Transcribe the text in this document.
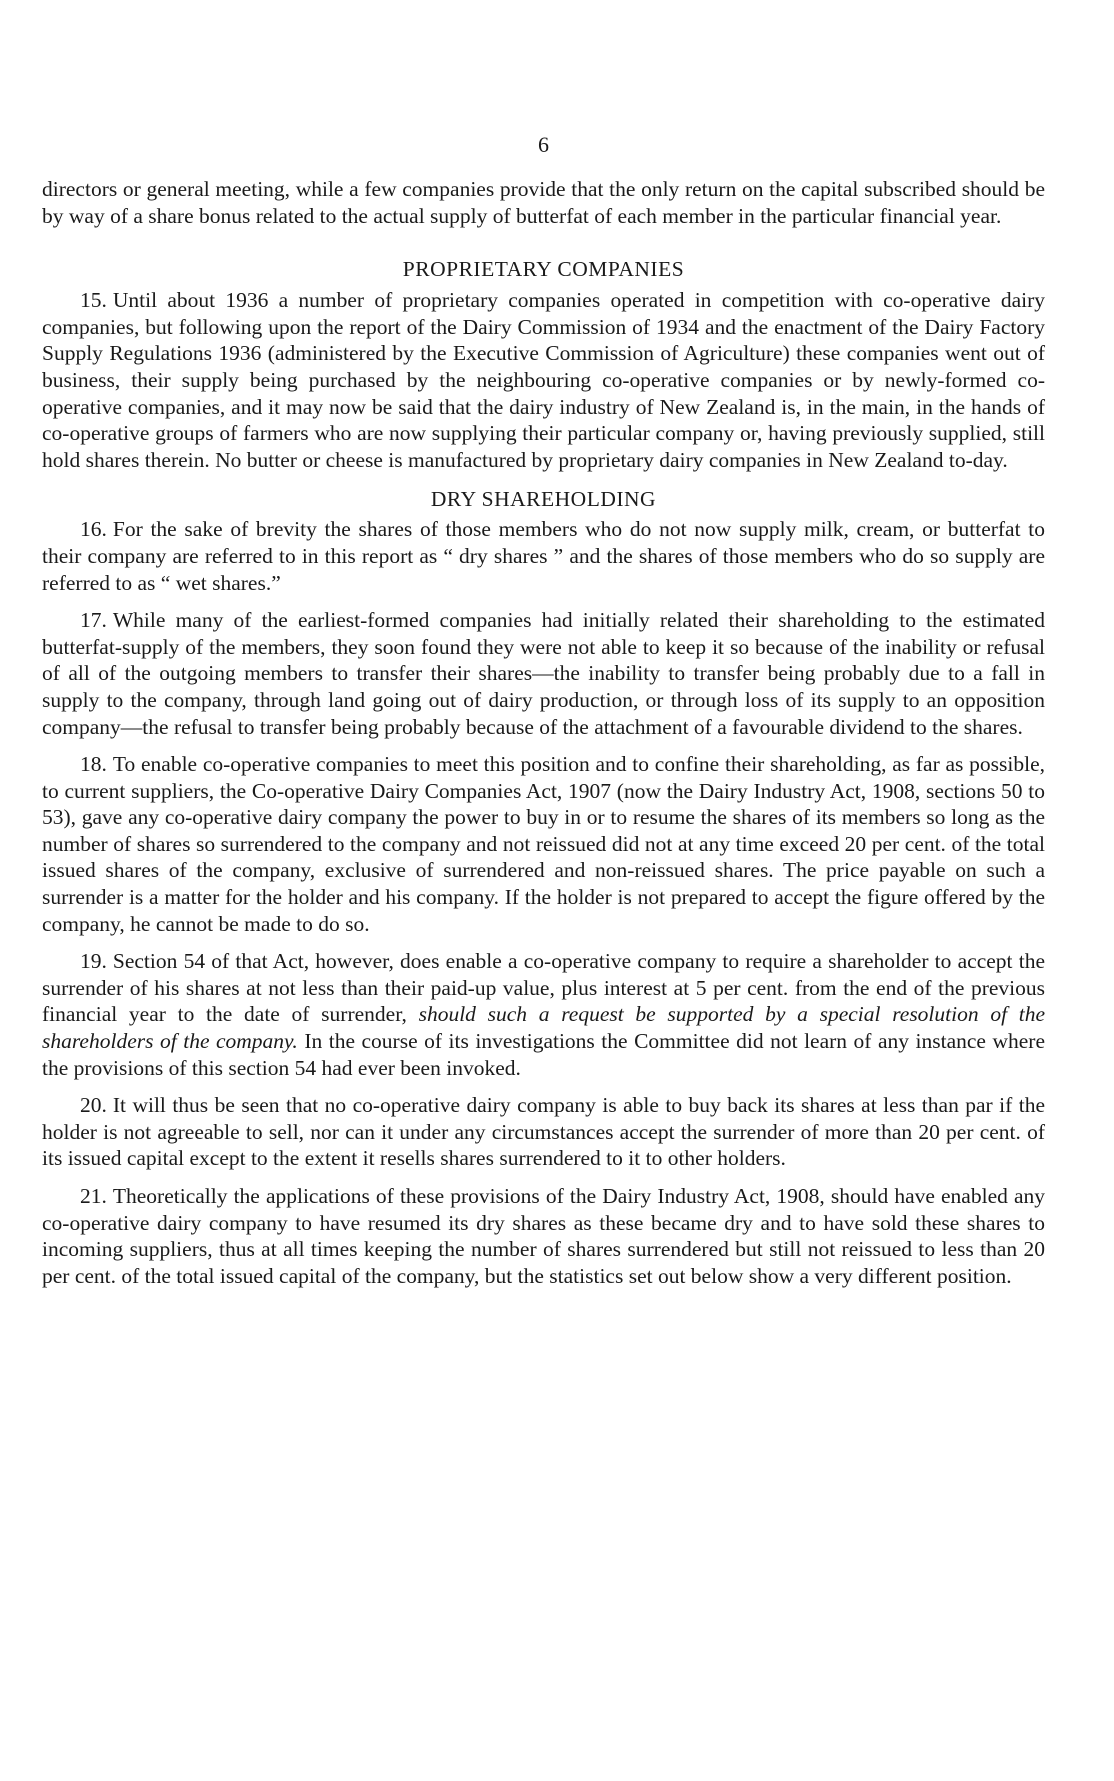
6

directors or general meeting, while a few companies provide that the only return on the capital subscribed should be by way of a share bonus related to the actual supply of butterfat of each member in the particular financial year.

PROPRIETARY COMPANIES

15. Until about 1936 a number of proprietary companies operated in competition with co-operative dairy companies, but following upon the report of the Dairy Commission of 1934 and the enactment of the Dairy Factory Supply Regulations 1936 (administered by the Executive Commission of Agriculture) these companies went out of business, their supply being purchased by the neighbouring co-operative companies or by newly-formed co-operative companies, and it may now be said that the dairy industry of New Zealand is, in the main, in the hands of co-operative groups of farmers who are now supplying their particular company or, having previously supplied, still hold shares therein. No butter or cheese is manufactured by proprietary dairy companies in New Zealand to-day.

DRY SHAREHOLDING

16. For the sake of brevity the shares of those members who do not now supply milk, cream, or butterfat to their company are referred to in this report as “ dry shares ” and the shares of those members who do so supply are referred to as “ wet shares.”

17. While many of the earliest-formed companies had initially related their shareholding to the estimated butterfat-supply of the members, they soon found they were not able to keep it so because of the inability or refusal of all of the outgoing members to transfer their shares—the inability to transfer being probably due to a fall in supply to the company, through land going out of dairy production, or through loss of its supply to an opposition company—the refusal to transfer being probably because of the attachment of a favourable dividend to the shares.

18. To enable co-operative companies to meet this position and to confine their shareholding, as far as possible, to current suppliers, the Co-operative Dairy Companies Act, 1907 (now the Dairy Industry Act, 1908, sections 50 to 53), gave any co-operative dairy company the power to buy in or to resume the shares of its members so long as the number of shares so surrendered to the company and not reissued did not at any time exceed 20 per cent. of the total issued shares of the company, exclusive of surrendered and non-reissued shares. The price payable on such a surrender is a matter for the holder and his company. If the holder is not prepared to accept the figure offered by the company, he cannot be made to do so.

19. Section 54 of that Act, however, does enable a co-operative company to require a shareholder to accept the surrender of his shares at not less than their paid-up value, plus interest at 5 per cent. from the end of the previous financial year to the date of surrender, should such a request be supported by a special resolution of the shareholders of the company. In the course of its investigations the Committee did not learn of any instance where the provisions of this section 54 had ever been invoked.

20. It will thus be seen that no co-operative dairy company is able to buy back its shares at less than par if the holder is not agreeable to sell, nor can it under any circumstances accept the surrender of more than 20 per cent. of its issued capital except to the extent it resells shares surrendered to it to other holders.

21. Theoretically the applications of these provisions of the Dairy Industry Act, 1908, should have enabled any co-operative dairy company to have resumed its dry shares as these became dry and to have sold these shares to incoming suppliers, thus at all times keeping the number of shares surrendered but still not reissued to less than 20 per cent. of the total issued capital of the company, but the statistics set out below show a very different position.
